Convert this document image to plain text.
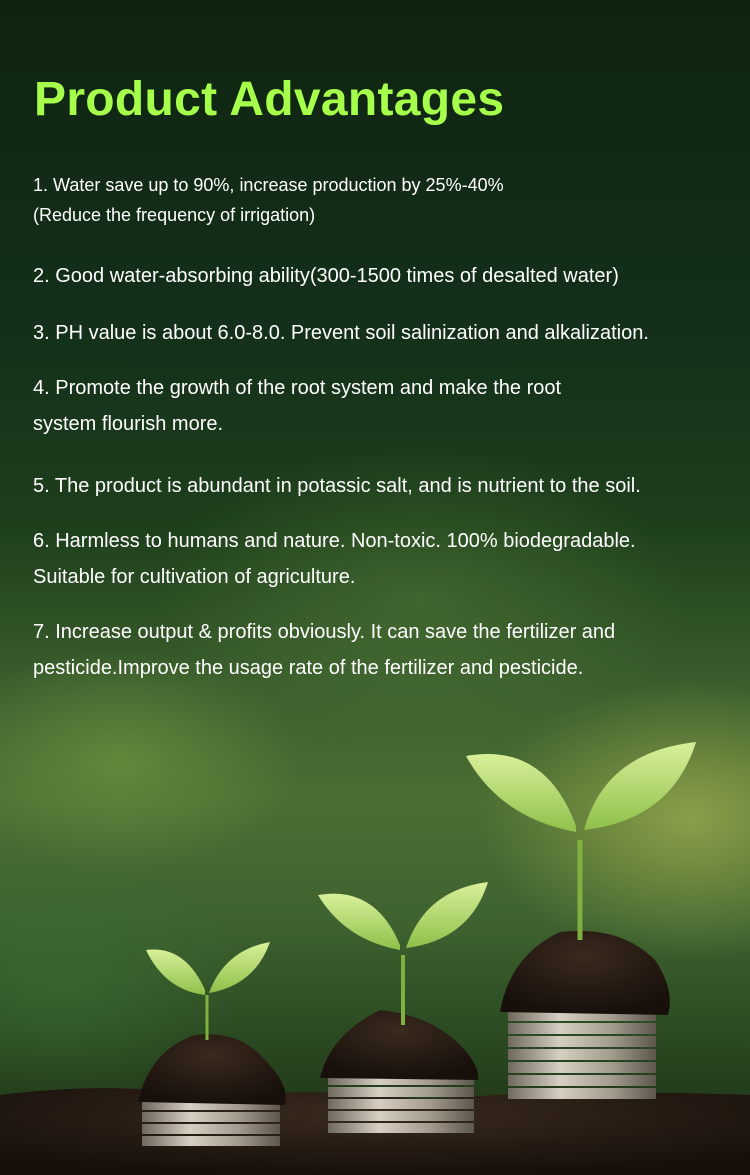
Product Advantages

1. Water save up to 90%, increase production by 25%-40%
(Reduce the frequency of irrigation)

2. Good water-absorbing ability(300-1500 times of desalted water)

3. PH value is about 6.0-8.0. Prevent soil salinization and alkalization.

4. Promote the growth of the root system and make the root
system flourish more.

5. The product is abundant in potassic salt, and is nutrient to the soil.

6. Harmless to humans and nature. Non-toxic. 100% biodegradable.
Suitable for cultivation of agriculture.

7. Increase output & profits obviously. It can save the fertilizer and
pesticide.Improve the usage rate of the fertilizer and pesticide.
